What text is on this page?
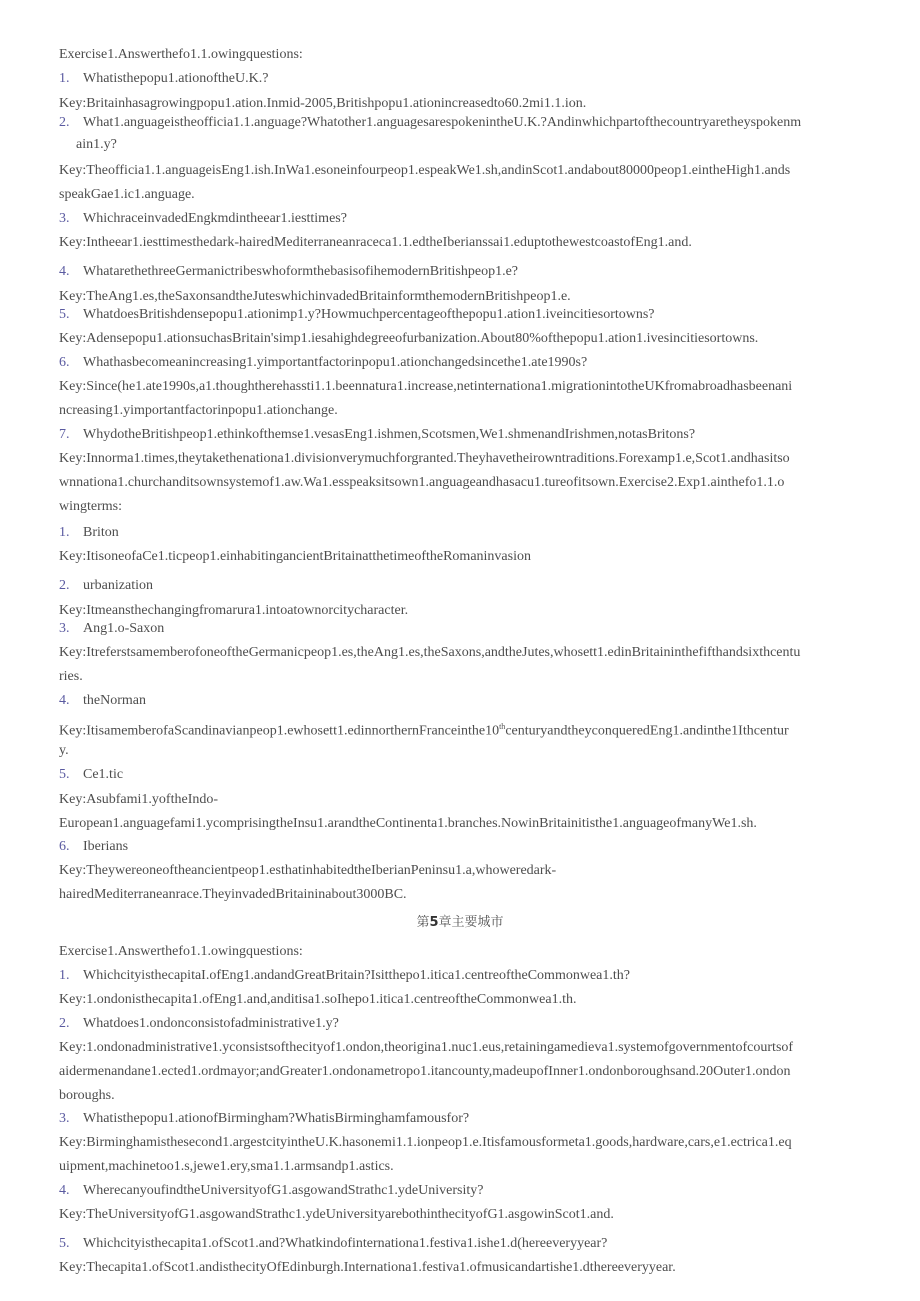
Exercise1.Answerthefo1.1.owingquestions:

1. Whatisthepopu1.ationoftheU.K.?

Key:Britainhasagrowingpopu1.ation.Inmid-2005,Britishpopu1.ationincreasedto60.2mi1.1.ion.

2. What1.anguageistheofficia1.1.anguage?Whatother1.anguagesarespokenintheU.K.?Andinwhichpartofthecountryaretheyspokenm

ain1.y?

Key:Theofficia1.1.anguageisEng1.ish.InWa1.esoneinfourpeop1.espeakWe1.sh,andinScot1.andabout80000peop1.eintheHigh1.ands

speakGae1.ic1.anguage.

3. WhichraceinvadedEngkmdintheear1.iesttimes?

Key:Intheear1.iesttimesthedark-hairedMediterraneanraceca1.1.edtheIberianssai1.eduptothewestcoastofEng1.and.

4. WhatarethethreeGermanictribeswhoformthebasisofihemodernBritishpeop1.e?

Key:TheAng1.es,theSaxonsandtheJuteswhichinvadedBritainformthemodernBritishpeop1.e.

5. WhatdoesBritishdensepopu1.ationimp1.y?Howmuchpercentageofthepopu1.ation1.iveincitiesortowns?

Key:Adensepopu1.ationsuchasBritain'simp1.iesahighdegreeofurbanization.About80%ofthepopu1.ation1.ivesincitiesortowns.

6. Whathasbecomeanincreasing1.yimportantfactorinpopu1.ationchangedsincethe1.ate1990s?

Key:Since(he1.ate1990s,a1.thoughtherehassti1.1.beennatura1.increase,netinternationa1.migrationintotheUKfromabroadhasbeenani

ncreasing1.yimportantfactorinpopu1.ationchange.

7. WhydotheBritishpeop1.ethinkofthemse1.vesasEng1.ishmen,Scotsmen,We1.shmenandIrishmen,notasBritons?

Key:Innorma1.times,theytakethenationa1.divisionverymuchforgranted.Theyhavetheirowntraditions.Forexamp1.e,Scot1.andhasitso

wnnationa1.churchanditsownsystemof1.aw.Wa1.esspeaksitsown1.anguageandhasacu1.tureofitsown.Exercise2.Exp1.ainthefo1.1.o

wingterms:

1. Briton

Key:ItisoneofaCe1.ticpeop1.einhabitingancientBritainatthetimeoftheRomaninvasion

2. urbanization

Key:Itmeansthechangingfromarura1.intoatownorcitycharacter.

3. Ang1.o-Saxon

Key:ItreferstsamemberofoneoftheGermanicpeop1.es,theAng1.es,theSaxons,andtheJutes,whosett1.edinBritaininthefifthandsixthcentu

ries.

4. theNorman

Key:ItisamemberofaScandinavianpeop1.ewhosett1.edinnorthernFranceinthe10thcenturyandtheyconqueredEng1.andinthe1Ithcentur

y.

5. Ce1.tic

Key:Asubfami1.yoftheIndo-

European1.anguagefami1.ycomprisingtheInsu1.arandtheContinenta1.branches.NowinBritainitisthe1.anguageofmanyWe1.sh.

6. Iberians

Key:Theywereoneoftheancientpeop1.esthatinhabitedtheIberianPeninsu1.a,whoweredark-

hairedMediterraneanrace.TheyinvadedBritaininabout3000BC.

第5章主要城市

Exercise1.Answerthefo1.1.owingquestions:

1. WhichcityisthecapitaI.ofEng1.andandGreatBritain?Isitthepo1.itica1.centreoftheCommonwea1.th?

Key:1.ondonisthecapita1.ofEng1.and,anditisa1.soIhepo1.itica1.centreoftheCommonwea1.th.

2. Whatdoes1.ondonconsistofadministrative1.y?

Key:1.ondonadministrative1.yconsistsofthecityof1.ondon,theorigina1.nuc1.eus,retainingamedieva1.systemofgovernmentofcourtsof

aidermenandane1.ected1.ordmayor;andGreater1.ondonametropo1.itancounty,madeupofInner1.ondonboroughsand.20Outer1.ondon

boroughs.

3. Whatisthepopu1.ationofBirmingham?WhatisBirminghamfamousfor?

Key:Birminghamisthesecond1.argestcityintheU.K.hasonemi1.1.ionpeop1.e.Itisfamousformeta1.goods,hardware,cars,e1.ectrica1.eq

uipment,machinetoo1.s,jewe1.ery,sma1.1.armsandp1.astics.

4. WherecanyoufindtheUniversityofG1.asgowandStrathc1.ydeUniversity?

Key:TheUniversityofG1.asgowandStrathc1.ydeUniversityarebothinthecityofG1.asgowinScot1.and.

5. Whichcityisthecapita1.ofScot1.and?Whatkindofinternationa1.festiva1.ishe1.d(hereeveryyear?

Key:Thecapita1.ofScot1.andisthecityOfEdinburgh.Internationa1.festiva1.ofmusicandartishe1.dthereeveryyear.
